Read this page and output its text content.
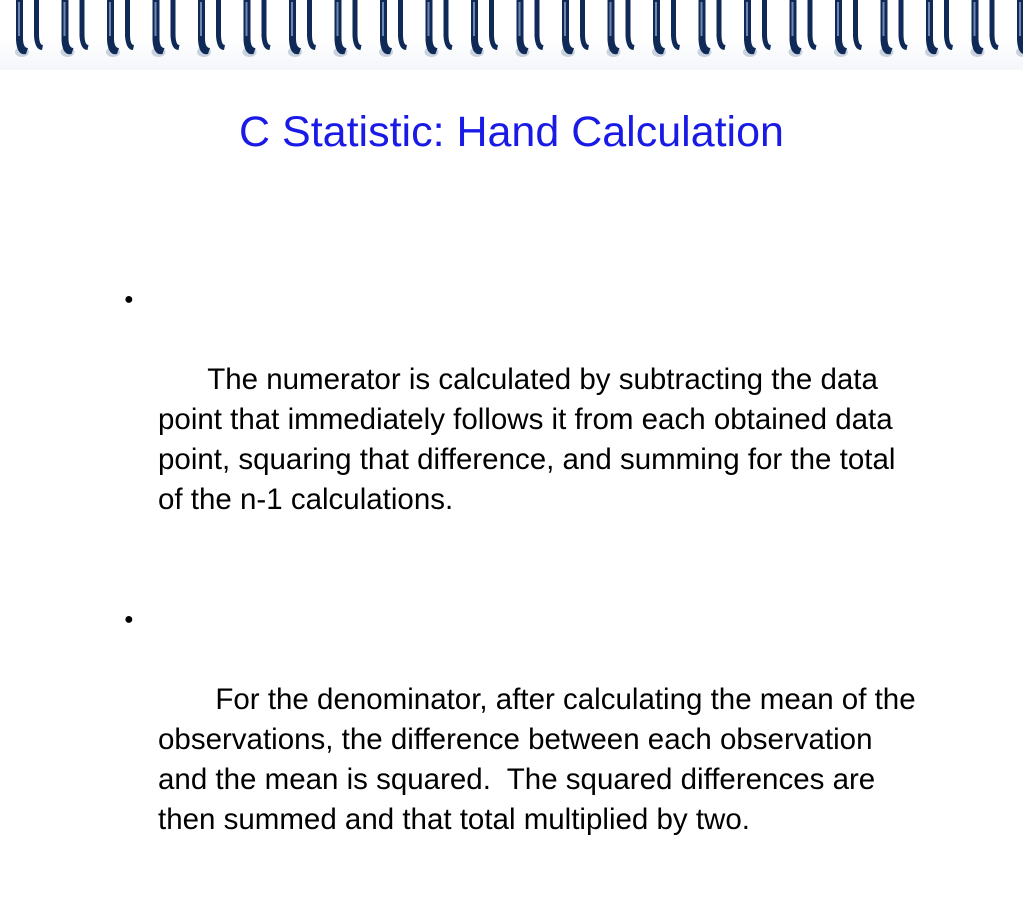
C Statistic: Hand Calculation

●

The numerator is calculated by subtracting the data point that immediately follows it from each obtained data point, squaring that difference, and summing for the total of the n-1 calculations.

●

For the denominator, after calculating the mean of the observations, the difference between each observation and the mean is squared.  The squared differences are then summed and that total multiplied by two.
